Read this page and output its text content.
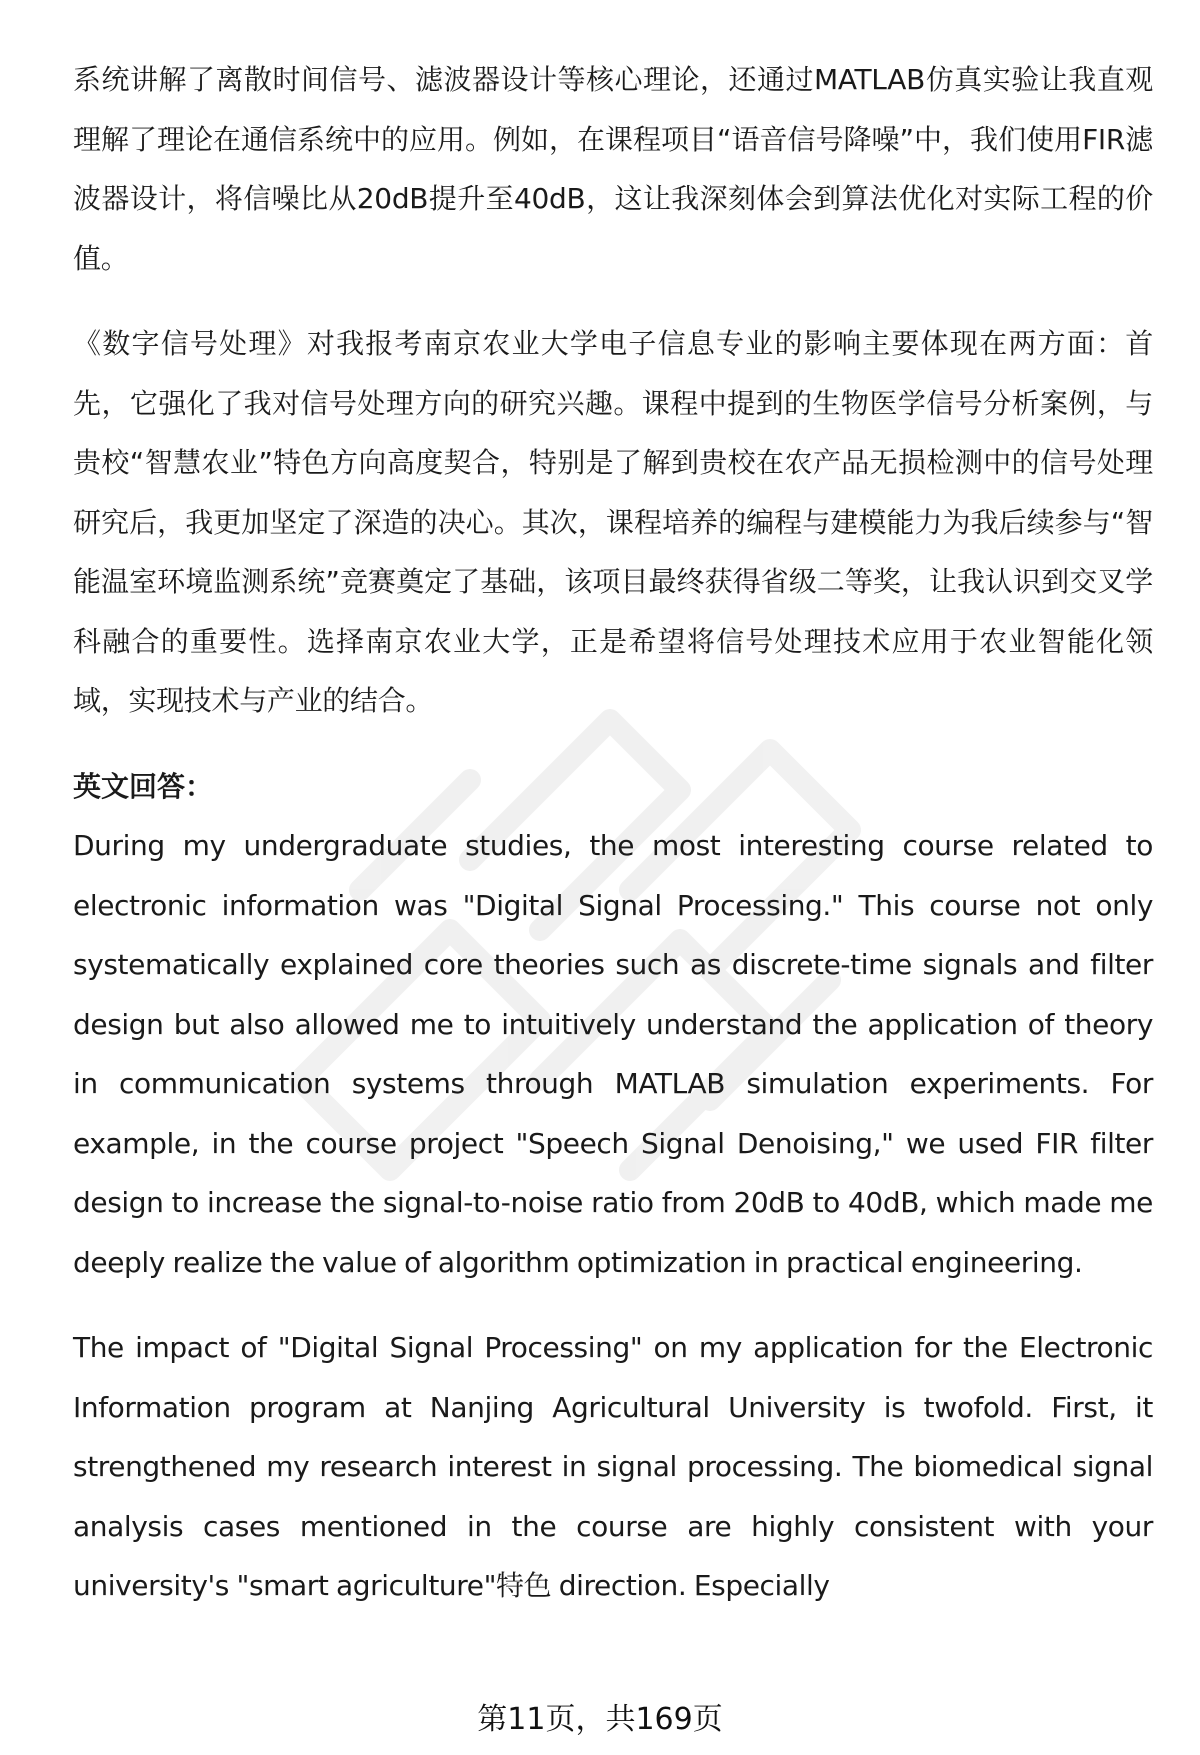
系统讲解了离散时间信号、滤波器设计等核心理论，还通过MATLAB仿真实验让我直观理解了理论在通信系统中的应用。例如，在课程项目“语音信号降噪”中，我们使用FIR滤波器设计，将信噪比从20dB提升至40dB，这让我深刻体会到算法优化对实际工程的价值。

《数字信号处理》对我报考南京农业大学电子信息专业的影响主要体现在两方面：首先，它强化了我对信号处理方向的研究兴趣。课程中提到的生物医学信号分析案例，与贵校“智慧农业”特色方向高度契合，特别是了解到贵校在农产品无损检测中的信号处理研究后，我更加坚定了深造的决心。其次，课程培养的编程与建模能力为我后续参与“智能温室环境监测系统”竞赛奠定了基础，该项目最终获得省级二等奖，让我认识到交叉学科融合的重要性。选择南京农业大学，正是希望将信号处理技术应用于农业智能化领域，实现技术与产业的结合。

英文回答：

During my undergraduate studies, the most interesting course related to electronic information was "Digital Signal Processing." This course not only systematically explained core theories such as discrete-time signals and filter design but also allowed me to intuitively understand the application of theory in communication systems through MATLAB simulation experiments. For example, in the course project "Speech Signal Denoising," we used FIR filter design to increase the signal-to-noise ratio from 20dB to 40dB, which made me deeply realize the value of algorithm optimization in practical engineering.

The impact of "Digital Signal Processing" on my application for the Electronic Information program at Nanjing Agricultural University is twofold. First, it strengthened my research interest in signal processing. The biomedical signal analysis cases mentioned in the course are highly consistent with your university's "smart agriculture"特色 direction. Especially

第11页，共169页
